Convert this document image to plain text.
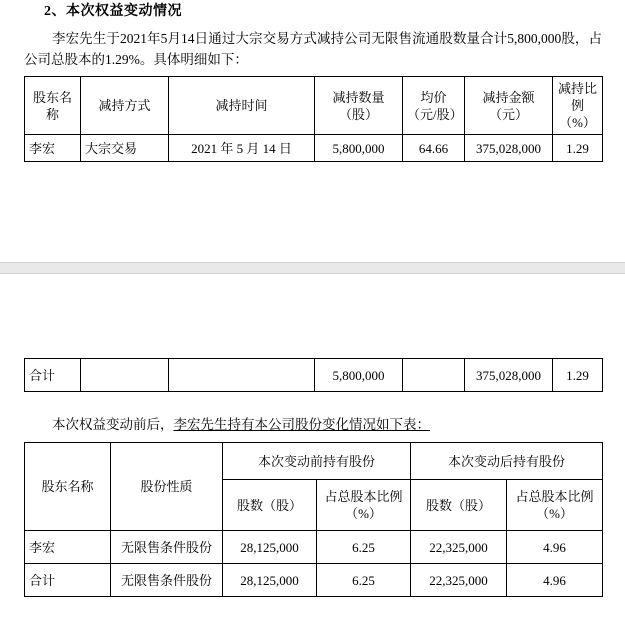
2、本次权益变动情况
李宏先生于2021年5月14日通过大宗交易方式减持公司无限售流通股数量合计5,800,000股，占公司总股本的1.29%。具体明细如下：
股东名称	减持方式	减持时间	减持数量（股）	均价（元/股）	减持金额（元）	减持比例（%）
李宏	大宗交易	2021 年 5 月 14 日	5,800,000	64.66	375,028,000	1.29
合计			5,800,000		375,028,000	1.29
本次权益变动前后，李宏先生持有本公司股份变化情况如下表：
股东名称	股份性质	本次变动前持有股份		本次变动后持有股份	
		股数（股）	占总股本比例（%）	股数（股）	占总股本比例（%）
李宏	无限售条件股份	28,125,000	6.25	22,325,000	4.96
合计	无限售条件股份	28,125,000	6.25	22,325,000	4.96
